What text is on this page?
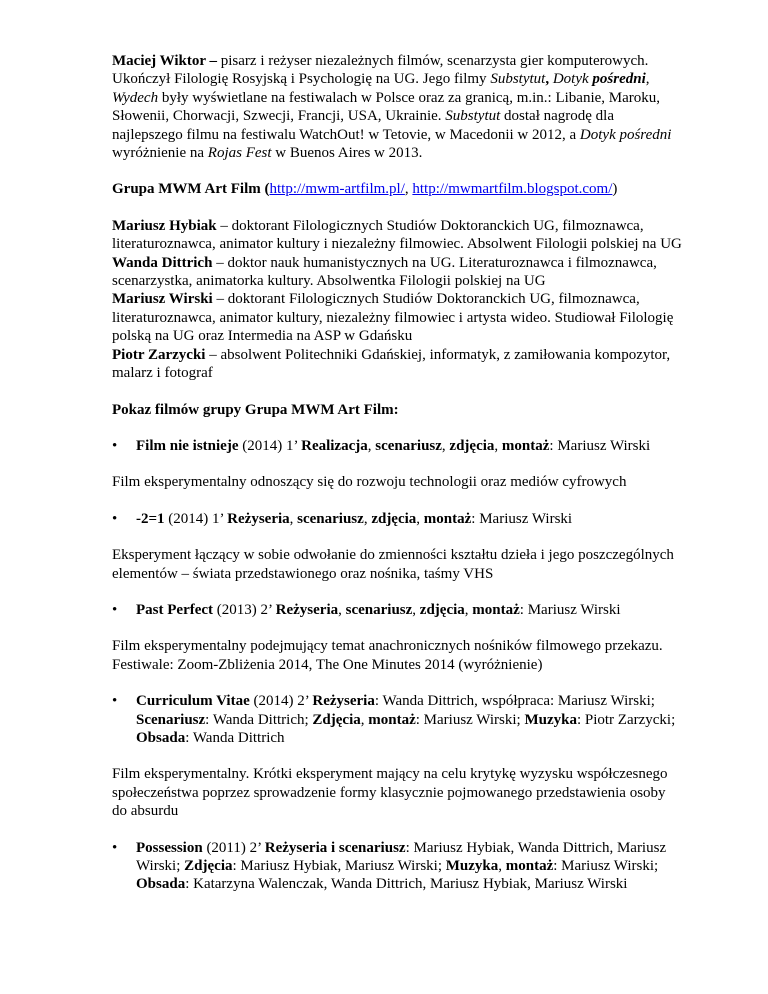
Maciej Wiktor – pisarz i reżyser niezależnych filmów, scenarzysta gier komputerowych. Ukończył Filologię Rosyjską i Psychologię na UG. Jego filmy Substytut, Dotyk pośredni, Wydech były wyświetlane na festiwalach w Polsce oraz za granicą, m.in.: Libanie, Maroku, Słowenii, Chorwacji, Szwecji, Francji, USA, Ukrainie. Substytut dostał nagrodę dla najlepszego filmu na festiwalu WatchOut! w Tetovie, w Macedonii w 2012, a Dotyk pośredni wyróżnienie na Rojas Fest w Buenos Aires w 2013.

Grupa MWM Art Film (http://mwm-artfilm.pl/, http://mwmartfilm.blogspot.com/)

Mariusz Hybiak – doktorant Filologicznych Studiów Doktoranckich UG, filmoznawca, literaturoznawca, animator kultury i niezależny filmowiec. Absolwent Filologii polskiej na UG

Wanda Dittrich – doktor nauk humanistycznych na UG. Literaturoznawca i filmoznawca, scenarzystka, animatorka kultury. Absolwentka Filologii polskiej na UG

Mariusz Wirski – doktorant Filologicznych Studiów Doktoranckich UG, filmoznawca, literaturoznawca, animator kultury, niezależny filmowiec i artysta wideo. Studiował Filologię polską na UG oraz Intermedia na ASP w Gdańsku

Piotr Zarzycki – absolwent Politechniki Gdańskiej, informatyk, z zamiłowania kompozytor, malarz i fotograf

Pokaz filmów grupy Grupa MWM Art Film:

• Film nie istnieje (2014) 1’ Realizacja, scenariusz, zdjęcia, montaż: Mariusz Wirski

Film eksperymentalny odnoszący się do rozwoju technologii oraz mediów cyfrowych

• -2=1 (2014) 1’ Reżyseria, scenariusz, zdjęcia, montaż: Mariusz Wirski

Eksperyment łączący w sobie odwołanie do zmienności kształtu dzieła i jego poszczególnych elementów – świata przedstawionego oraz nośnika, taśmy VHS

• Past Perfect (2013) 2’ Reżyseria, scenariusz, zdjęcia, montaż: Mariusz Wirski

Film eksperymentalny podejmujący temat anachronicznych nośników filmowego przekazu. Festiwale: Zoom-Zbliżenia 2014, The One Minutes 2014 (wyróżnienie)

• Curriculum Vitae (2014) 2’ Reżyseria: Wanda Dittrich, współpraca: Mariusz Wirski; Scenariusz: Wanda Dittrich; Zdjęcia, montaż: Mariusz Wirski; Muzyka: Piotr Zarzycki; Obsada: Wanda Dittrich

Film eksperymentalny. Krótki eksperyment mający na celu krytykę wyzysku współczesnego społeczeństwa poprzez sprowadzenie formy klasycznie pojmowanego przedstawienia osoby do absurdu

• Possession (2011) 2’ Reżyseria i scenariusz: Mariusz Hybiak, Wanda Dittrich, Mariusz Wirski; Zdjęcia: Mariusz Hybiak, Mariusz Wirski; Muzyka, montaż: Mariusz Wirski; Obsada: Katarzyna Walenczak, Wanda Dittrich, Mariusz Hybiak, Mariusz Wirski
